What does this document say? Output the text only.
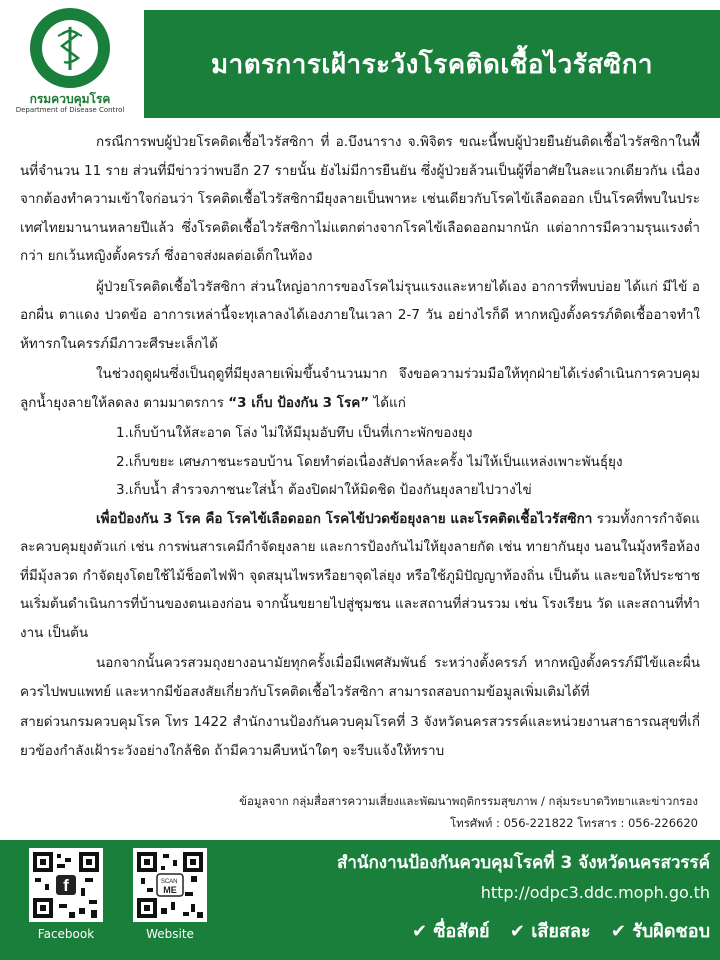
กรมควบคุมโรค
Department of Disease Control
มาตรการเฝ้าระวังโรคติดเชื้อไวรัสซิกา

กรณีการพบผู้ป่วยโรคติดเชื้อไวรัสซิกา ที่ อ.บึงนาราง จ.พิจิตร ขณะนี้พบผู้ป่วยยืนยันติดเชื้อไวรัสซิกาในพื้นที่จำนวน 11 ราย ส่วนที่มีข่าวว่าพบอีก 27 รายนั้น ยังไม่มีการยืนยัน ซึ่งผู้ป่วยล้วนเป็นผู้ที่อาศัยในละแวกเดียวกัน เนื่องจากต้องทำความเข้าใจก่อนว่า โรคติดเชื้อไวรัสซิกามียุงลายเป็นพาหะ เช่นเดียวกับโรคไข้เลือดออก เป็นโรคที่พบในประเทศไทยมานานหลายปีแล้ว ซึ่งโรคติดเชื้อไวรัสซิกาไม่แตกต่างจากโรคไข้เลือดออกมากนัก แต่อาการมีความรุนแรงต่ำกว่า ยกเว้นหญิงตั้งครรภ์ ซึ่งอาจส่งผลต่อเด็กในท้อง

ผู้ป่วยโรคติดเชื้อไวรัสซิกา ส่วนใหญ่อาการของโรคไม่รุนแรงและหายได้เอง อาการที่พบบ่อย ได้แก่ มีไข้ ออกผื่น ตาแดง ปวดข้อ อาการเหล่านี้จะทุเลาลงได้เองภายในเวลา 2-7 วัน อย่างไรก็ดี หากหญิงตั้งครรภ์ติดเชื้ออาจทำให้ทารกในครรภ์มีภาวะศีรษะเล็กได้

ในช่วงฤดูฝนซึ่งเป็นฤดูที่มียุงลายเพิ่มขึ้นจำนวนมาก จึงขอความร่วมมือให้ทุกฝ่ายได้เร่งดำเนินการควบคุมลูกน้ำยุงลายให้ลดลง ตามมาตรการ “3 เก็บ ป้องกัน 3 โรค” ได้แก่

1.เก็บบ้านให้สะอาด โล่ง ไม่ให้มีมุมอับทึบ เป็นที่เกาะพักของยุง

2.เก็บขยะ เศษภาชนะรอบบ้าน โดยทำต่อเนื่องสัปดาห์ละครั้ง ไม่ให้เป็นแหล่งเพาะพันธุ์ยุง

3.เก็บน้ำ สำรวจภาชนะใส่น้ำ ต้องปิดฝาให้มิดชิด ป้องกันยุงลายไปวางไข่

เพื่อป้องกัน 3 โรค คือ โรคไข้เลือดออก โรคไข้ปวดข้อยุงลาย และโรคติดเชื้อไวรัสซิกา รวมทั้งการกำจัดและควบคุมยุงตัวแก่ เช่น การพ่นสารเคมีกำจัดยุงลาย และการป้องกันไม่ให้ยุงลายกัด เช่น ทายากันยุง นอนในมุ้งหรือห้องที่มีมุ้งลวด กำจัดยุงโดยใช้ไม้ช็อตไฟฟ้า จุดสมุนไพรหรือยาจุดไล่ยุง หรือใช้ภูมิปัญญาท้องถิ่น เป็นต้น และขอให้ประชาชนเริ่มต้นดำเนินการที่บ้านของตนเองก่อน จากนั้นขยายไปสู่ชุมชน และสถานที่ส่วนรวม เช่น โรงเรียน วัด และสถานที่ทำงาน เป็นต้น

นอกจากนั้นควรสวมถุงยางอนามัยทุกครั้งเมื่อมีเพศสัมพันธ์ ระหว่างตั้งครรภ์ หากหญิงตั้งครรภ์มีไข้และผื่น ควรไปพบแพทย์ และหากมีข้อสงสัยเกี่ยวกับโรคติดเชื้อไวรัสซิกา สามารถสอบถามข้อมูลเพิ่มเติมได้ที่

สายด่วนกรมควบคุมโรค โทร 1422 สำนักงานป้องกันควบคุมโรคที่ 3 จังหวัดนครสวรรค์และหน่วยงานสาธารณสุขที่เกี่ยวข้องกำลังเฝ้าระวังอย่างใกล้ชิด ถ้ามีความคืบหน้าใดๆ จะรีบแจ้งให้ทราบ

ข้อมูลจาก กลุ่มสื่อสารความเสี่ยงและพัฒนาพฤติกรรมสุขภาพ / กลุ่มระบาดวิทยาและข่าวกรอง
โทรศัพท์ : 056-221822 โทรสาร : 056-226620
f
Facebook
SCAN ME
Website
สำนักงานป้องกันควบคุมโรคที่ 3 จังหวัดนครสวรรค์
http://odpc3.ddc.moph.go.th
✔ ซื่อสัตย์ ✔ เสียสละ ✔ รับผิดชอบ
